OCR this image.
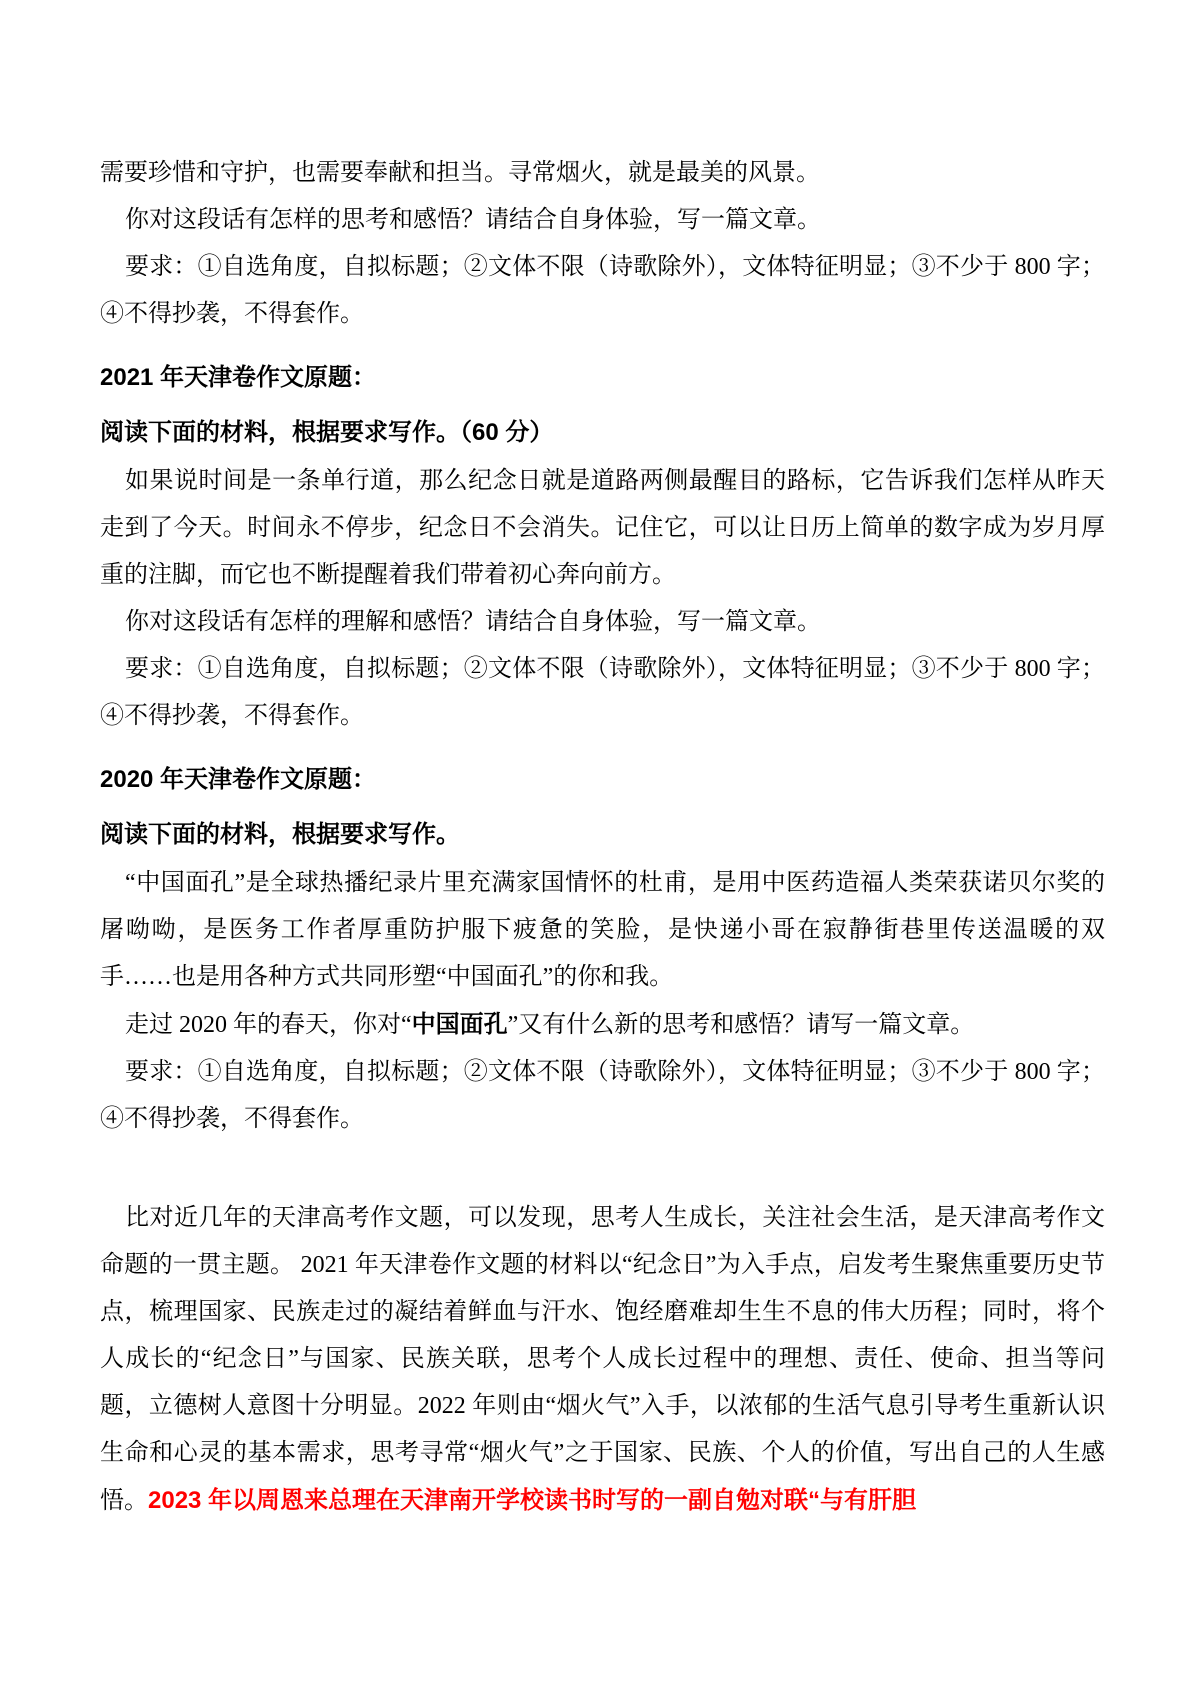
需要珍惜和守护，也需要奉献和担当。寻常烟火，就是最美的风景。

你对这段话有怎样的思考和感悟？请结合自身体验，写一篇文章。

要求：①自选角度，自拟标题；②文体不限（诗歌除外），文体特征明显；③不少于 800 字；④不得抄袭，不得套作。

2021 年天津卷作文原题：

阅读下面的材料，根据要求写作。（60 分）

如果说时间是一条单行道，那么纪念日就是道路两侧最醒目的路标，它告诉我们怎样从昨天走到了今天。时间永不停步，纪念日不会消失。记住它，可以让日历上简单的数字成为岁月厚重的注脚，而它也不断提醒着我们带着初心奔向前方。

你对这段话有怎样的理解和感悟？请结合自身体验，写一篇文章。

要求：①自选角度，自拟标题；②文体不限（诗歌除外），文体特征明显；③不少于 800 字；④不得抄袭，不得套作。

2020 年天津卷作文原题：

阅读下面的材料，根据要求写作。

“中国面孔”是全球热播纪录片里充满家国情怀的杜甫，是用中医药造福人类荣获诺贝尔奖的屠呦呦，是医务工作者厚重防护服下疲惫的笑脸，是快递小哥在寂静街巷里传送温暖的双手……也是用各种方式共同形塑“中国面孔”的你和我。

走过 2020 年的春天，你对“中国面孔”又有什么新的思考和感悟？请写一篇文章。

要求：①自选角度，自拟标题；②文体不限（诗歌除外），文体特征明显；③不少于 800 字；④不得抄袭，不得套作。

比对近几年的天津高考作文题，可以发现，思考人生成长，关注社会生活，是天津高考作文命题的一贯主题。 2021 年天津卷作文题的材料以“纪念日”为入手点，启发考生聚焦重要历史节点，梳理国家、民族走过的凝结着鲜血与汗水、饱经磨难却生生不息的伟大历程；同时，将个人成长的“纪念日”与国家、民族关联，思考个人成长过程中的理想、责任、使命、担当等问题，立德树人意图十分明显。2022 年则由“烟火气”入手，以浓郁的生活气息引导考生重新认识生命和心灵的基本需求，思考寻常“烟火气”之于国家、民族、个人的价值，写出自己的人生感悟。2023 年以周恩来总理在天津南开学校读书时写的一副自勉对联“与有肝胆
